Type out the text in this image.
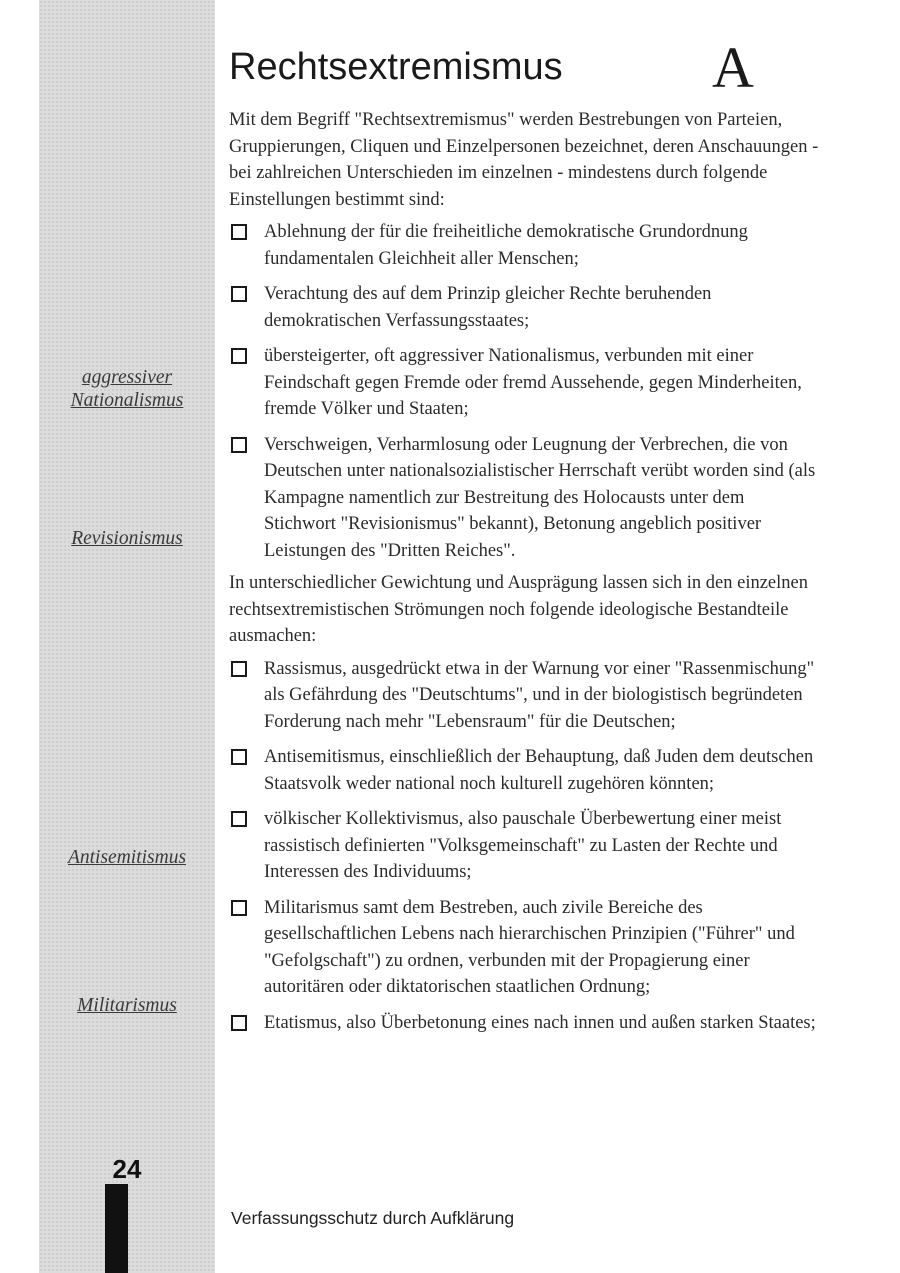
aggressiver
Nationalismus
Revisionismus
Antisemitismus
Militarismus
24
Rechtsextremismus	A

Mit dem Begriff "Rechtsextremismus" werden Bestrebungen von Parteien, Gruppierungen, Cliquen und Einzelpersonen bezeichnet, deren Anschauungen - bei zahlreichen Unterschieden im einzelnen - mindestens durch folgende Einstellungen bestimmt sind:

Ablehnung der für die freiheitliche demokratische Grundordnung fundamentalen Gleichheit aller Menschen;
Verachtung des auf dem Prinzip gleicher Rechte beruhenden demokratischen Verfassungsstaates;
übersteigerter, oft aggressiver Nationalismus, verbunden mit einer Feindschaft gegen Fremde oder fremd Aussehende, gegen Minderheiten, fremde Völker und Staaten;
Verschweigen, Verharmlosung oder Leugnung der Verbrechen, die von Deutschen unter nationalsozialistischer Herrschaft verübt worden sind (als Kampagne namentlich zur Bestreitung des Holocausts unter dem Stichwort "Revisionismus" bekannt), Betonung angeblich positiver Leistungen des "Dritten Reiches".

In unterschiedlicher Gewichtung und Ausprägung lassen sich in den einzelnen rechtsextremistischen Strömungen noch folgende ideologische Bestandteile ausmachen:

Rassismus, ausgedrückt etwa in der Warnung vor einer "Rassenmischung" als Gefährdung des "Deutschtums", und in der biologistisch begründeten Forderung nach mehr "Lebensraum" für die Deutschen;
Antisemitismus, einschließlich der Behauptung, daß Juden dem deutschen Staatsvolk weder national noch kulturell zugehören könnten;
völkischer Kollektivismus, also pauschale Überbewertung einer meist rassistisch definierten "Volksgemeinschaft" zu Lasten der Rechte und Interessen des Individuums;
Militarismus samt dem Bestreben, auch zivile Bereiche des gesellschaftlichen Lebens nach hierarchischen Prinzipien ("Führer" und "Gefolgschaft") zu ordnen, verbunden mit der Propagierung einer autoritären oder diktatorischen staatlichen Ordnung;
Etatismus, also Überbetonung eines nach innen und außen starken Staates;
Verfassungsschutz durch Aufklärung
